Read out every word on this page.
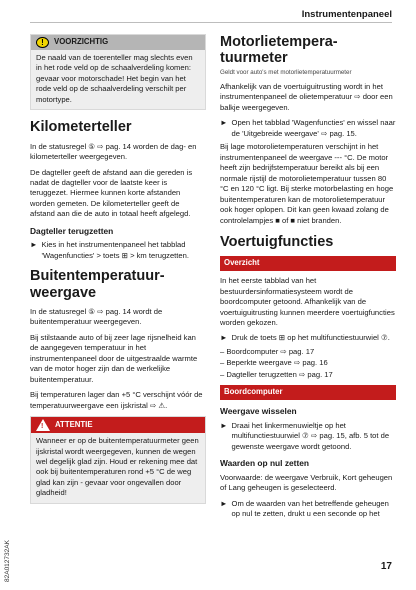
Instrumentenpaneel
!	VOORZICHTIG
De naald van de toerenteller mag slechts even in het rode veld op de schaalverdeling komen: gevaar voor motorschade! Het begin van het rode veld op de schaalverdeling verschilt per motortype.
Kilometerteller

In de statusregel ⑤ ⇨ pag. 14 worden de dag- en kilometerteller weergegeven.

De dagteller geeft de afstand aan die gereden is nadat de dagteller voor de laatste keer is teruggezet. Hiermee kunnen korte afstanden worden gemeten. De kilometerteller geeft de afstand aan die de auto in totaal heeft afgelegd.

Dagteller terugzetten
► Kies in het instrumentenpaneel het tabblad 'Wagenfuncties' > toets ⊞ > km terugzetten.
Buitentemperatuur-weergave

In de statusregel ⑤ ⇨ pag. 14 wordt de buitentemperatuur weergegeven.

Bij stilstaande auto of bij zeer lage rijsnelheid kan de aangegeven temperatuur in het instrumentenpaneel door de uitgestraalde warmte van de motor hoger zijn dan de werkelijke buitentemperatuur.

Bij temperaturen lager dan +5 °C verschijnt vóór de temperatuurweergave een ijskristal ⇨ ⚠.

! ATTENTIE
Wanneer er op de buitentemperatuurmeter geen ijskristal wordt weergegeven, kunnen de wegen wel degelijk glad zijn. Houd er rekening mee dat ook bij buitentemperaturen rond +5 °C de weg glad kan zijn - gevaar voor ongevallen door gladheid!
Motorlietempera-tuurmeter
Geldt voor auto's met motorlietemperatuurmeter

Afhankelijk van de voertuiguitrusting wordt in het instrumentenpaneel de olietemperatuur ⇨ door een balkje weergegeven.

► Open het tabblad 'Wagenfuncties' en wissel naar de 'Uitgebreide weergave' ⇨ pag. 15.

Bij lage motorolietemperaturen verschijnt in het instrumentenpaneel de weergave --- °C. De motor heeft zijn bedrijfstemperatuur bereikt als bij een normale rijstijl de motorolietemperatuur tussen 80 °C en 120 °C ligt. Bij sterke motorbelasting en hoge buitentemperaturen kan de motorolietemperatuur ook hoger oplopen. Dit kan geen kwaad zolang de controlelampjes ■ of ■ niet branden.

Voertuigfuncties
Overzicht

In het eerste tabblad van het bestuurdersinformatiesysteem wordt de boordcomputer getoond. Afhankelijk van de voertuiguitrusting kunnen meerdere voertuigfuncties worden gekozen.

► Druk de toets ⊞ op het multifunctiestuurwiel ⑦.
– Boordcomputer ⇨ pag. 17
– Beperkte weergave ⇨ pag. 16
– Dagteller terugzetten ⇨ pag. 17
Boordcomputer
Weergave wisselen
► Draai het linkermenuwieltje op het multifunctiestuurwiel ⑦ ⇨ pag. 15, afb. 5 tot de gewenste weergave wordt getoond.
Waarden op nul zetten

Voorwaarde: de weergave Verbruik, Kort geheugen of Lang geheugen is geselecteerd.

► Om de waarden van het betreffende geheugen op nul te zetten, drukt u een seconde op het
82A012732AK	17
